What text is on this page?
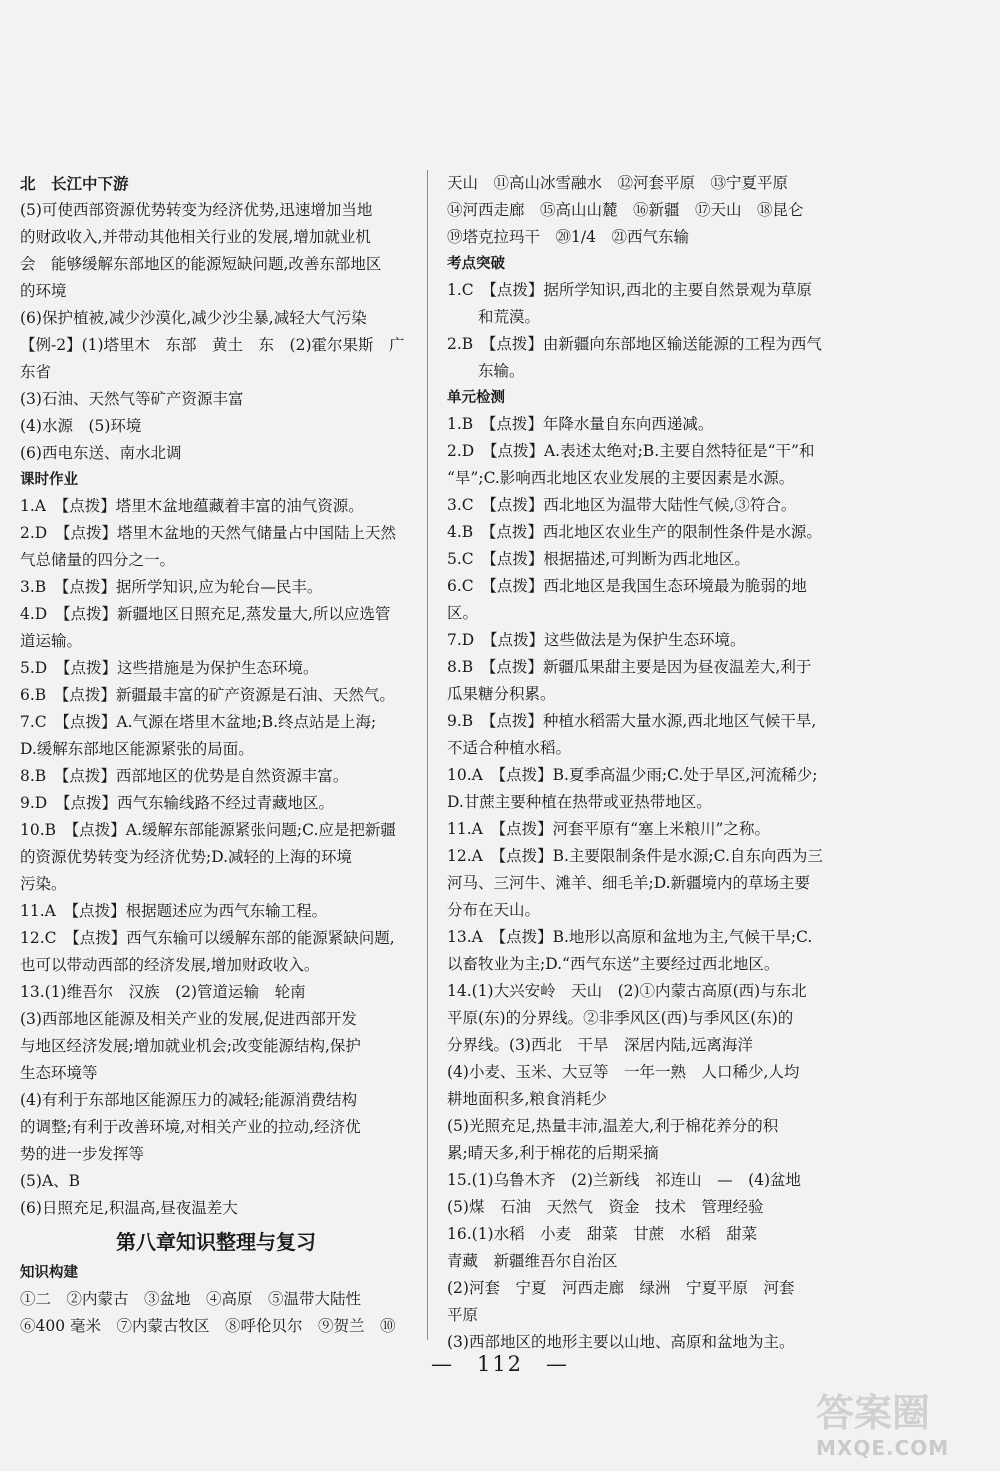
北　长江中下游
(5)可使西部资源优势转变为经济优势,迅速增加当地
的财政收入,并带动其他相关行业的发展,增加就业机
会　能够缓解东部地区的能源短缺问题,改善东部地区
的环境
(6)保护植被,减少沙漠化,减少沙尘暴,减轻大气污染
【例-2】(1)塔里木　东部　黄土　东　(2)霍尔果斯　广
东省
(3)石油、天然气等矿产资源丰富
(4)水源　(5)环境
(6)西电东送、南水北调
课时作业
1.A　【点拨】塔里木盆地蕴藏着丰富的油气资源。
2.D　【点拨】塔里木盆地的天然气储量占中国陆上天然
气总储量的四分之一。
3.B　【点拨】据所学知识,应为轮台—民丰。
4.D　【点拨】新疆地区日照充足,蒸发量大,所以应选管
道运输。
5.D　【点拨】这些措施是为保护生态环境。
6.B　【点拨】新疆最丰富的矿产资源是石油、天然气。
7.C　【点拨】A.气源在塔里木盆地;B.终点站是上海;
D.缓解东部地区能源紧张的局面。
8.B　【点拨】西部地区的优势是自然资源丰富。
9.D　【点拨】西气东输线路不经过青藏地区。
10.B　【点拨】A.缓解东部能源紧张问题;C.应是把新疆
的资源优势转变为经济优势;D.减轻的上海的环境
污染。
11.A　【点拨】根据题述应为西气东输工程。
12.C　【点拨】西气东输可以缓解东部的能源紧缺问题,
也可以带动西部的经济发展,增加财政收入。
13.(1)维吾尔　汉族　(2)管道运输　轮南
(3)西部地区能源及相关产业的发展,促进西部开发
与地区经济发展;增加就业机会;改变能源结构,保护
生态环境等
(4)有利于东部地区能源压力的减轻;能源消费结构
的调整;有利于改善环境,对相关产业的拉动,经济优
势的进一步发挥等
(5)A、B
(6)日照充足,积温高,昼夜温差大
第八章知识整理与复习
知识构建
①二　②内蒙古　③盆地　④高原　⑤温带大陆性
⑥400 毫米　⑦内蒙古牧区　⑧呼伦贝尔　⑨贺兰　⑩
天山　⑪高山冰雪融水　⑫河套平原　⑬宁夏平原
⑭河西走廊　⑮高山山麓　⑯新疆　⑰天山　⑱昆仑
⑲塔克拉玛干　⑳1/4　㉑西气东输
考点突破
1.C　【点拨】据所学知识,西北的主要自然景观为草原
　　和荒漠。
2.B　【点拨】由新疆向东部地区输送能源的工程为西气
　　东输。
单元检测
1.B　【点拨】年降水量自东向西递减。
2.D　【点拨】A.表述太绝对;B.主要自然特征是“干”和
“旱”;C.影响西北地区农业发展的主要因素是水源。
3.C　【点拨】西北地区为温带大陆性气候,③符合。
4.B　【点拨】西北地区农业生产的限制性条件是水源。
5.C　【点拨】根据描述,可判断为西北地区。
6.C　【点拨】西北地区是我国生态环境最为脆弱的地
区。
7.D　【点拨】这些做法是为保护生态环境。
8.B　【点拨】新疆瓜果甜主要是因为昼夜温差大,利于
瓜果糖分积累。
9.B　【点拨】种植水稻需大量水源,西北地区气候干旱,
不适合种植水稻。
10.A　【点拨】B.夏季高温少雨;C.处于旱区,河流稀少;
D.甘蔗主要种植在热带或亚热带地区。
11.A　【点拨】河套平原有“塞上米粮川”之称。
12.A　【点拨】B.主要限制条件是水源;C.自东向西为三
河马、三河牛、滩羊、细毛羊;D.新疆境内的草场主要
分布在天山。
13.A　【点拨】B.地形以高原和盆地为主,气候干旱;C.
以畜牧业为主;D.“西气东送”主要经过西北地区。
14.(1)大兴安岭　天山　(2)①内蒙古高原(西)与东北
平原(东)的分界线。②非季风区(西)与季风区(东)的
分界线。(3)西北　干旱　深居内陆,远离海洋
(4)小麦、玉米、大豆等　一年一熟　人口稀少,人均
耕地面积多,粮食消耗少
(5)光照充足,热量丰沛,温差大,利于棉花养分的积
累;晴天多,利于棉花的后期采摘
15.(1)乌鲁木齐　(2)兰新线　祁连山　—　(4)盆地
(5)煤　石油　天然气　资金　技术　管理经验
16.(1)水稻　小麦　甜菜　甘蔗　水稻　甜菜
青藏　新疆维吾尔自治区
(2)河套　宁夏　河西走廊　绿洲　宁夏平原　河套
平原
(3)西部地区的地形主要以山地、高原和盆地为主。
—　112　—
答案圈
MXQE.COM
